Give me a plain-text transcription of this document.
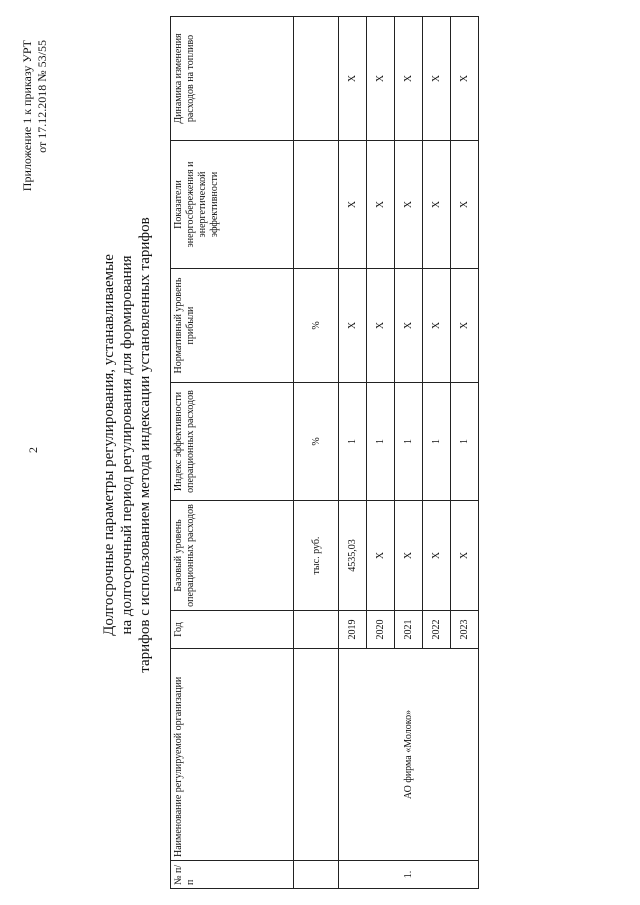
2
Приложение 1 к приказу УРТ от 17.12.2018 № 53/55
Долгосрочные параметры регулирования, устанавливаемые на долгосрочный период регулирования для формирования тарифов с использованием метода индексации установленных тарифов
№ п/п	Наименование регулируемой организации	Год	Базовый уровень операционных расходов	Индекс эффективности операционных расходов	Нормативный уровень прибыли	Показатели энергосбережения и энергетической эффективности	Динамика изменения расходов на топливо
			тыс. руб.	%	%		
1.	АО фирма «Молоко»	2019	4535,03	1	X	X	X
		2020	X	1	X	X	X
		2021	X	1	X	X	X
		2022	X	1	X	X	X
		2023	X	1	X	X	X
